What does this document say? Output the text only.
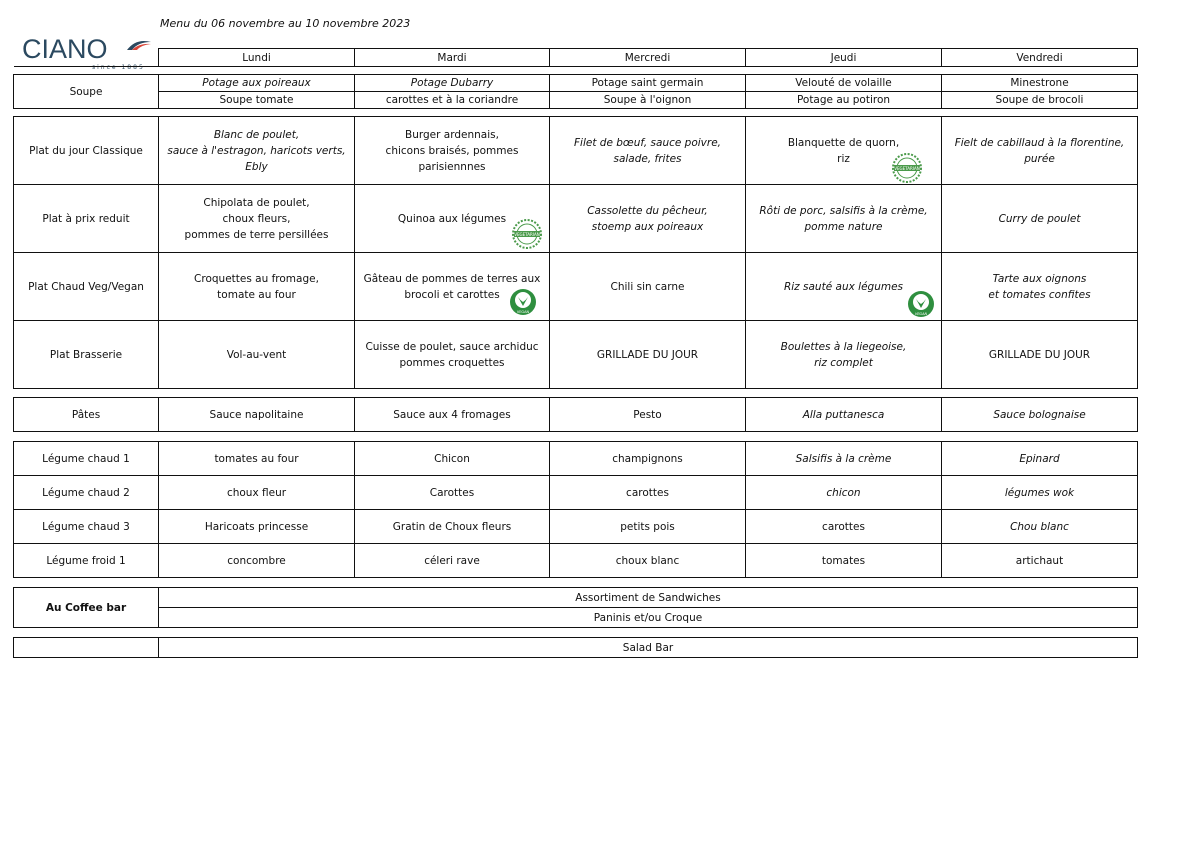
Menu du 06 novembre au 10 novembre 2023
CIANO
since 1885
	Lundi	Mardi	Mercredi	Jeudi	Vendredi

Soupe	Potage aux poireaux	Potage Dubarry	Potage saint germain	Velouté de volaille	Minestrone
	Soupe tomate	carottes et à la coriandre	Soupe à l'oignon	Potage au potiron	Soupe de brocoli
Plat du jour Classique	Blanc de poulet,
sauce à l'estragon, haricots verts,
Ebly	Burger ardennais,
chicons braisés, pommes
parisiennnes	Filet de bœuf, sauce poivre,
salade, frites	Blanquette de quorn,
riz
VEGETARIAN	Fielt de cabillaud à la florentine,
purée
Plat à prix reduit	Chipolata de poulet,
choux fleurs,
pommes de terre persillées	Quinoa aux légumes
VEGETARIAN	Cassolette du pêcheur,
stoemp aux poireaux	Rôti de porc, salsifis à la crème,
pomme nature	Curry de poulet
Plat Chaud Veg/Vegan	Croquettes au fromage,
tomate au four	Gâteau de pommes de terres aux
brocoli et carottes
VEGAN	Chili sin carne	Riz sauté aux légumes
VEGAN	Tarte aux oignons
et tomates confites
Plat Brasserie	Vol-au-vent	Cuisse de poulet, sauce archiduc
pommes croquettes	GRILLADE DU JOUR	Boulettes à la liegeoise,
riz complet	GRILLADE DU JOUR
Pâtes	Sauce napolitaine	Sauce aux 4 fromages	Pesto	Alla puttanesca	Sauce bolognaise
Légume chaud 1	tomates au four	Chicon	champignons	Salsifis à la crème	Epinard
Légume chaud 2	choux fleur	Carottes	carottes	chicon	légumes wok
Légume chaud 3	Haricoats princesse	Gratin de Choux fleurs	petits pois	carottes	Chou blanc
Légume froid 1	concombre	céleri rave	choux blanc	tomates	artichaut
Au Coffee bar	Assortiment de Sandwiches
Paninis et/ou Croque
	Salad Bar
